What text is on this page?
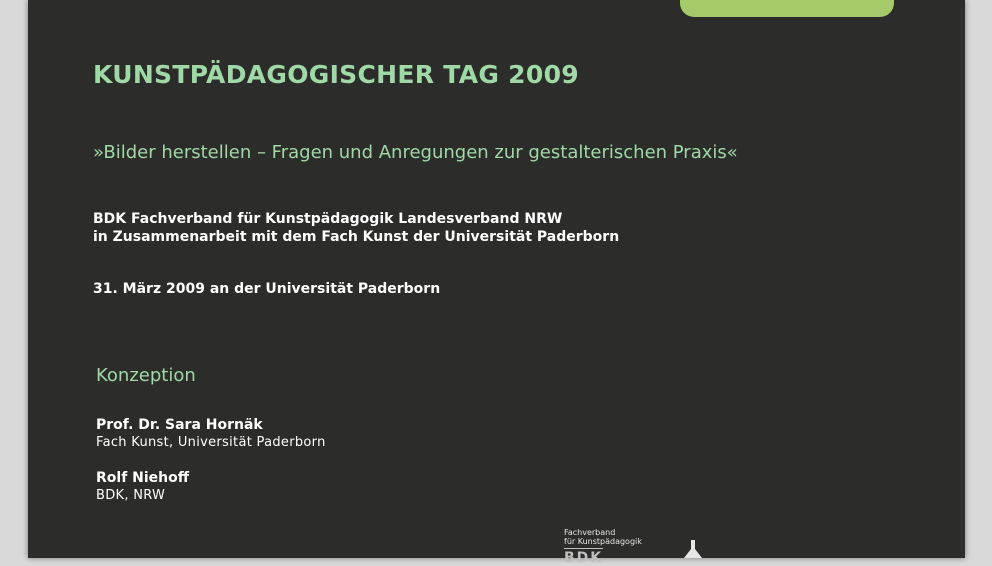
KUNSTPÄDAGOGISCHER TAG 2009
»Bilder herstellen – Fragen und Anregungen zur gestalterischen Praxis«
BDK Fachverband für Kunstpädagogik Landesverband NRW
in Zusammenarbeit mit dem Fach Kunst der Universität Paderborn
31. März 2009 an der Universität Paderborn
Konzeption
Prof. Dr. Sara Hornäk
Fach Kunst, Universität Paderborn
Rolf Niehoff
BDK, NRW
Fachverband
für Kunstpädagogik
BDK
